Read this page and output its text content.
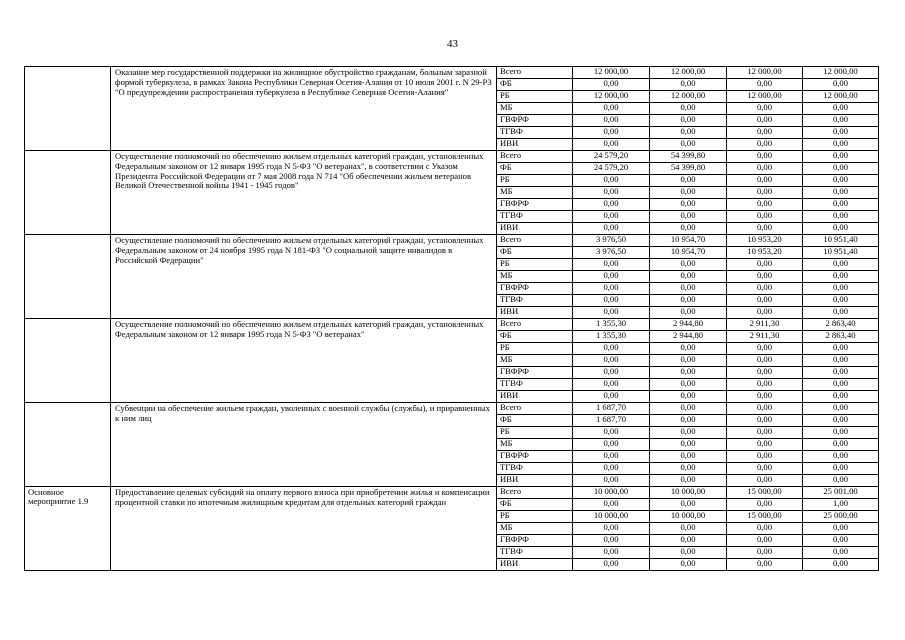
43
	Оказание мер государственной поддержки на жилищное обустройство гражданам, больным заразной формой туберкулеза, в рамках Закона Республики Северная Осетия-Алания от 10 июля 2001 г. N 29-РЗ "О предупреждении распространения туберкулеза в Республике Северная Осетия-Алания"	Всего	12 000,00	12 000,00	12 000,00	12 000,00
		ФБ	0,00	0,00	0,00	0,00
		РБ	12 000,00	12 000,00	12 000,00	12 000,00
		МБ	0,00	0,00	0,00	0,00
		ГВФРФ	0,00	0,00	0,00	0,00
		ТГВФ	0,00	0,00	0,00	0,00
		ИВИ	0,00	0,00	0,00	0,00
	Осуществление полномочий по обеспечению жильем отдельных категорий граждан, установленных Федеральным законом от 12 января 1995 года N 5-ФЗ "О ветеранах", в соответствии с Указом Президента Российской Федерации от 7 мая 2008 года N 714 "Об обеспечении жильем ветеранов Великой Отечественной войны 1941 - 1945 годов"	Всего	24 579,20	54 399,80	0,00	0,00
		ФБ	24 579,20	54 399,80	0,00	0,00
		РБ	0,00	0,00	0,00	0,00
		МБ	0,00	0,00	0,00	0,00
		ГВФРФ	0,00	0,00	0,00	0,00
		ТГВФ	0,00	0,00	0,00	0,00
		ИВИ	0,00	0,00	0,00	0,00
	Осуществление полномочий по обеспечению жильем отдельных категорий граждан, установленных Федеральным законом от 24 ноября 1995 года N 181-ФЗ "О социальной защите инвалидов в Российской Федерации"	Всего	3 976,50	10 954,70	10 953,20	10 951,40
		ФБ	3 976,50	10 954,70	10 953,20	10 951,40
		РБ	0,00	0,00	0,00	0,00
		МБ	0,00	0,00	0,00	0,00
		ГВФРФ	0,00	0,00	0,00	0,00
		ТГВФ	0,00	0,00	0,00	0,00
		ИВИ	0,00	0,00	0,00	0,00
	Осуществление полномочий по обеспечению жильем отдельных категорий граждан, установленных Федеральным законом от 12 января 1995 года N 5-ФЗ "О ветеранах"	Всего	1 355,30	2 944,80	2 911,30	2 863,40
		ФБ	1 355,30	2 944,80	2 911,30	2 863,40
		РБ	0,00	0,00	0,00	0,00
		МБ	0,00	0,00	0,00	0,00
		ГВФРФ	0,00	0,00	0,00	0,00
		ТГВФ	0,00	0,00	0,00	0,00
		ИВИ	0,00	0,00	0,00	0,00
	Субвенции на обеспечение жильем граждан, уволенных с военной службы (службы), и приравненных к ним лиц	Всего	1 687,70	0,00	0,00	0,00
		ФБ	1 687,70	0,00	0,00	0,00
		РБ	0,00	0,00	0,00	0,00
		МБ	0,00	0,00	0,00	0,00
		ГВФРФ	0,00	0,00	0,00	0,00
		ТГВФ	0,00	0,00	0,00	0,00
		ИВИ	0,00	0,00	0,00	0,00
Основное мероприятие 1.9	Предоставление целевых субсидий на оплату первого взноса при приобретении жилья и компенсации процентной ставки по ипотечным жилищным кредитам для отдельных категорий граждан	Всего	10 000,00	10 000,00	15 000,00	25 001,00
		ФБ	0,00	0,00	0,00	1,00
		РБ	10 000,00	10 000,00	15 000,00	25 000,00
		МБ	0,00	0,00	0,00	0,00
		ГВФРФ	0,00	0,00	0,00	0,00
		ТГВФ	0,00	0,00	0,00	0,00
		ИВИ	0,00	0,00	0,00	0,00
